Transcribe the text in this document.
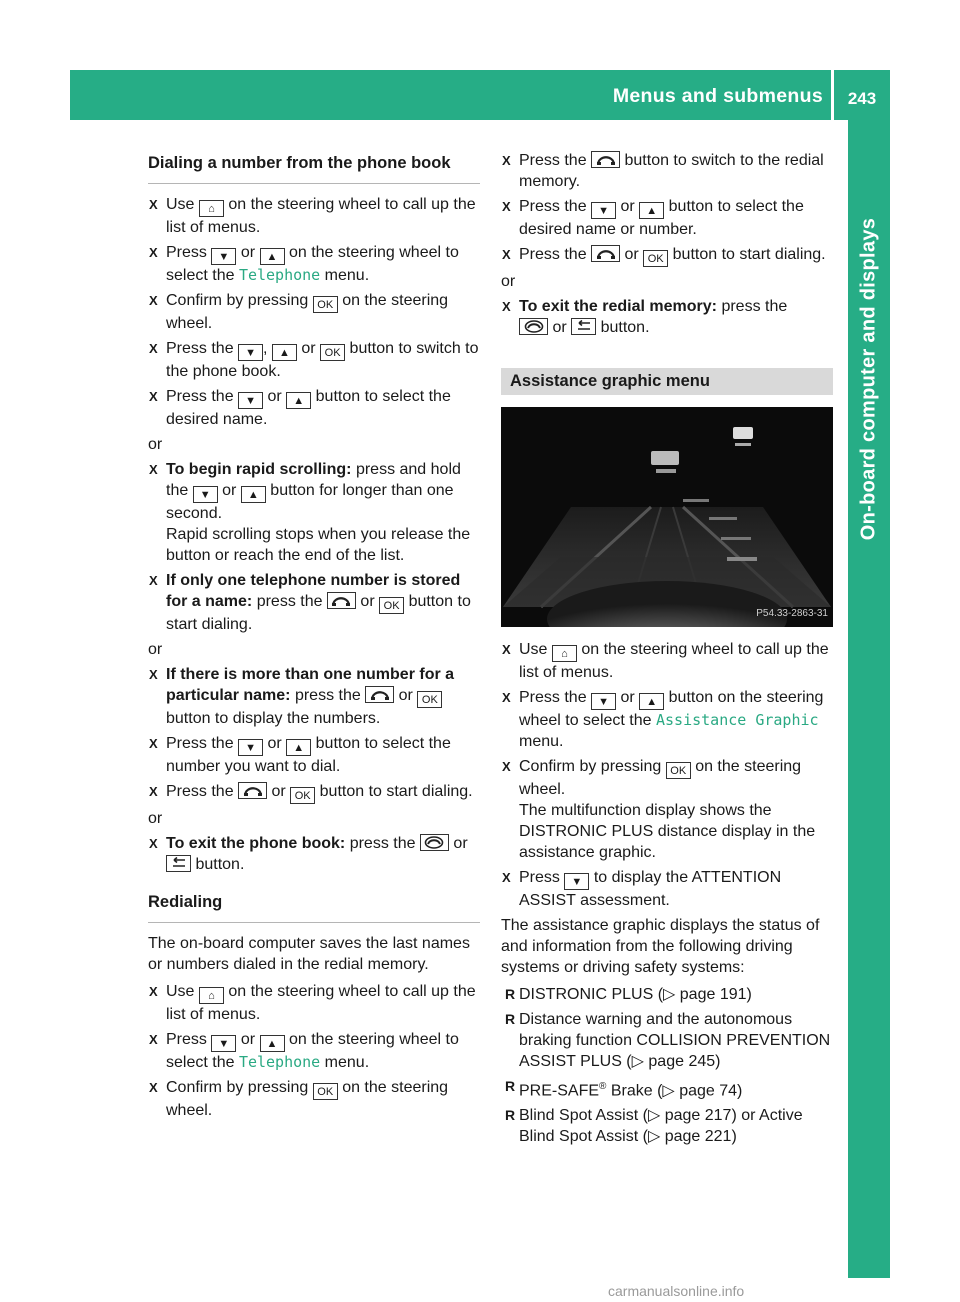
Menus and submenus	243
On-board computer and displays
Dialing a number from the phone book
X Use ⌂ on the steering wheel to call up the list of menus.
X Press ▼ or ▲ on the steering wheel to select the Telephone menu.
X Confirm by pressing OK on the steering wheel.
X Press the ▼ , ▲ or OK button to switch to the phone book.
X Press the ▼ or ▲ button to select the desired name.
or
X To begin rapid scrolling: press and hold the ▼ or ▲ button for longer than one second.
Rapid scrolling stops when you release the button or reach the end of the list.
X If only one telephone number is stored for a name: press the or OK button to start dialing.
or
X If there is more than one number for a particular name: press the or OK button to display the numbers.
X Press the ▼ or ▲ button to select the number you want to dial.
X Press the or OK button to start dialing.
or
X To exit the phone book: press the or

button.
Redialing

The on-board computer saves the last names or numbers dialed in the redial memory.

X Use ⌂ on the steering wheel to call up the list of menus.
X Press ▼ or ▲ on the steering wheel to select the Telephone menu.
X Confirm by pressing OK on the steering wheel.
X Press the button to switch to the redial memory.
X Press the ▼ or ▲ button to select the desired name or number.
X Press the or OK button to start dialing.
or
X To exit the redial memory: press the

or button.
Assistance graphic menu
P54.33-2863-31
X Use ⌂ on the steering wheel to call up the list of menus.
X Press the ▼ or ▲ button on the steering wheel to select the Assistance Graphic menu.
X Confirm by pressing OK on the steering wheel.
The multifunction display shows the DISTRONIC PLUS distance display in the assistance graphic.
X Press ▼ to display the ATTENTION ASSIST assessment.

The assistance graphic displays the status of and information from the following driving systems or driving safety systems:

R DISTRONIC PLUS (▷ page 191)
R Distance warning and the autonomous braking function COLLISION PREVENTION ASSIST PLUS (▷ page 245)
R PRE-SAFE® Brake (▷ page 74)
R Blind Spot Assist (▷ page 217) or Active Blind Spot Assist (▷ page 221)
carmanualsonline.info
